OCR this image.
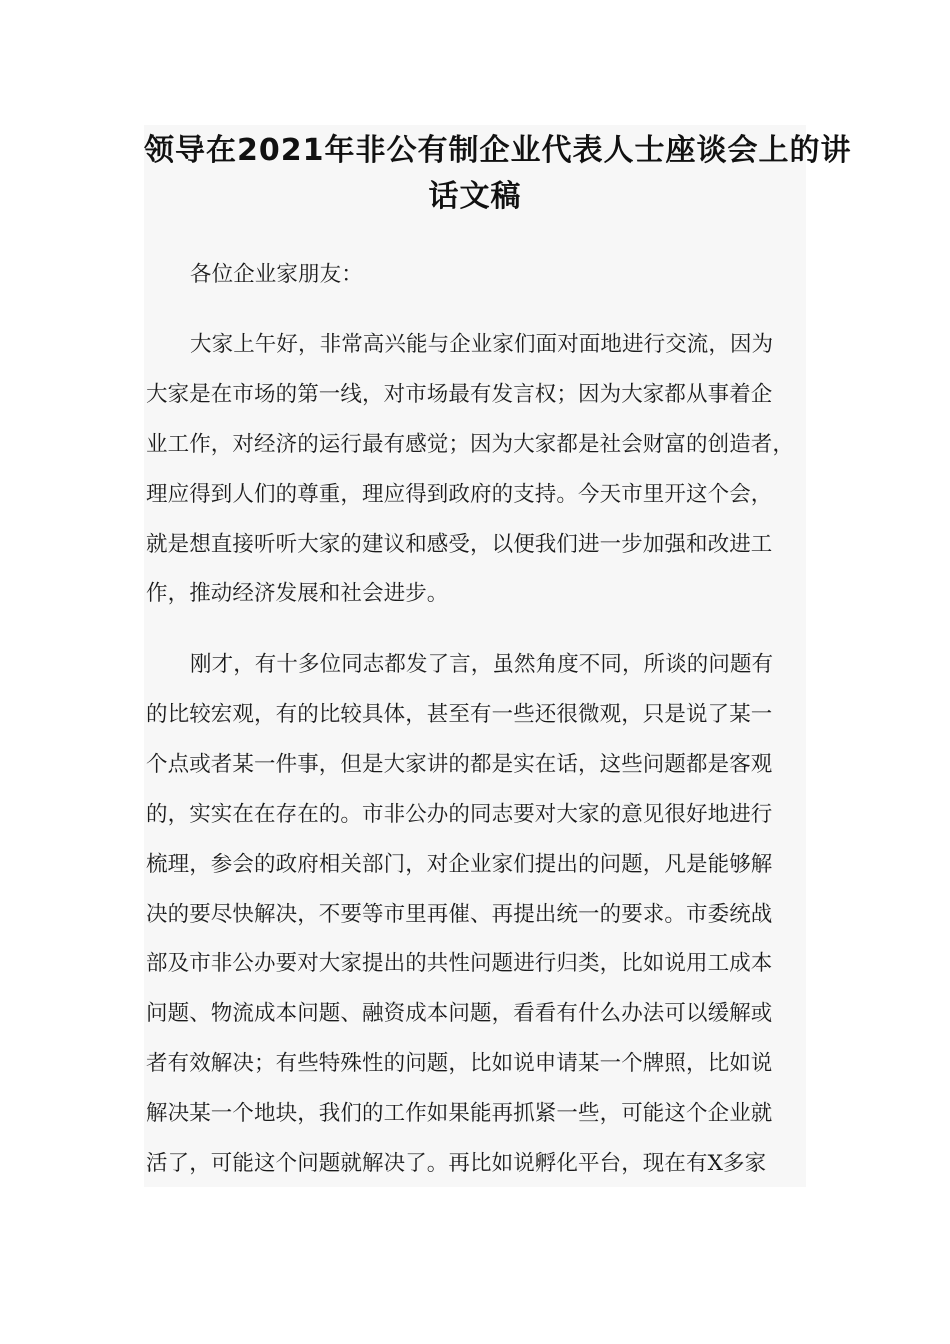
领导在2021年非公有制企业代表人士座谈会上的讲
话文稿
各位企业家朋友：
大家上午好，非常高兴能与企业家们面对面地进行交流，因为
大家是在市场的第一线，对市场最有发言权；因为大家都从事着企
业工作，对经济的运行最有感觉；因为大家都是社会财富的创造者，
理应得到人们的尊重，理应得到政府的支持。今天市里开这个会，
就是想直接听听大家的建议和感受，以便我们进一步加强和改进工
作，推动经济发展和社会进步。
刚才，有十多位同志都发了言，虽然角度不同，所谈的问题有
的比较宏观，有的比较具体，甚至有一些还很微观，只是说了某一
个点或者某一件事，但是大家讲的都是实在话，这些问题都是客观
的，实实在在存在的。市非公办的同志要对大家的意见很好地进行
梳理，参会的政府相关部门，对企业家们提出的问题，凡是能够解
决的要尽快解决，不要等市里再催、再提出统一的要求。市委统战
部及市非公办要对大家提出的共性问题进行归类，比如说用工成本
问题、物流成本问题、融资成本问题，看看有什么办法可以缓解或
者有效解决；有些特殊性的问题，比如说申请某一个牌照，比如说
解决某一个地块，我们的工作如果能再抓紧一些，可能这个企业就
活了，可能这个问题就解决了。再比如说孵化平台，现在有X多家
